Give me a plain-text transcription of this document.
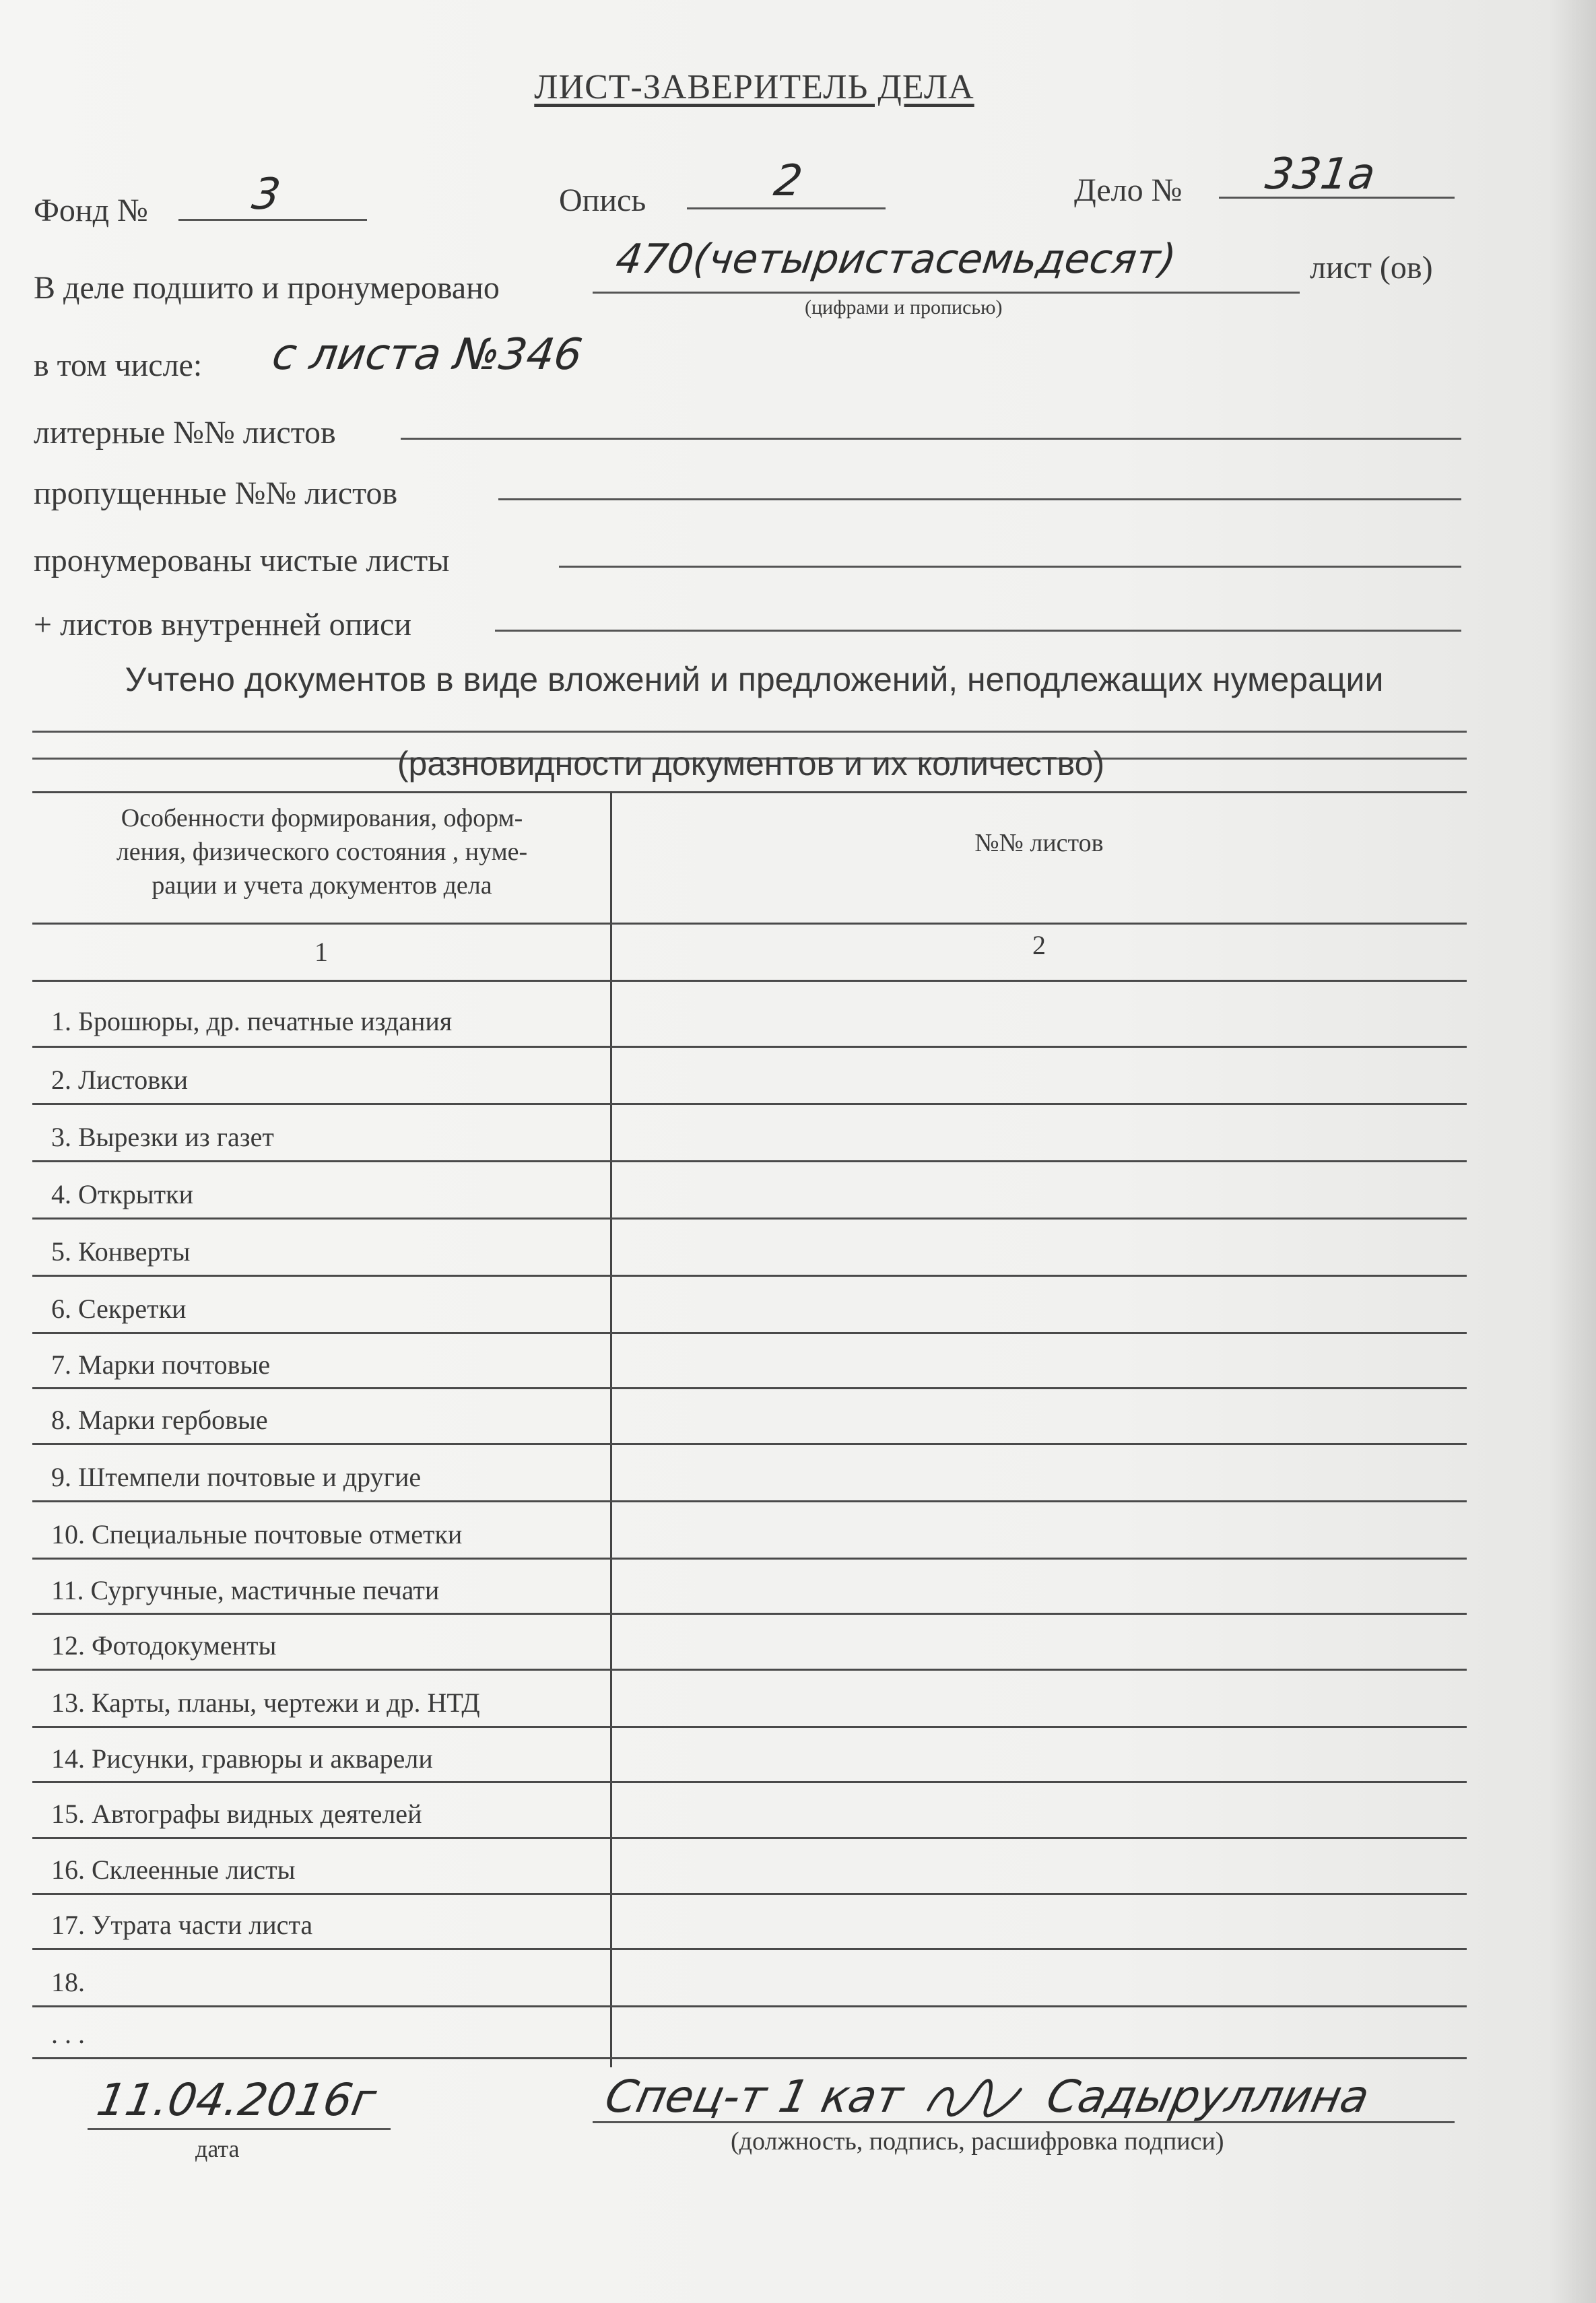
ЛИСТ-ЗАВЕРИТЕЛЬ ДЕЛА
Фонд № 3	Опись	2	Дело № 331а
В деле подшито и пронумеровано
470(четыристасемьдесят)
(цифрами и прописью)
лист (ов)
в том числе: с листа №346
литерные №№ листов
пропущенные №№ листов
пронумерованы чистые листы
+ листов внутренней описи
Учтено документов в виде вложений и предложений, неподлежащих нумерации
(разновидности документов и их количество)
Особенности формирования, оформ-
ления, физического состояния , нуме-
рации и учета документов дела
№№ листов
1	2
1. Брошюры, др. печатные издания
2. Листовки
3. Вырезки из газет
4. Открытки
5. Конверты
6. Секретки
7. Марки почтовые
8. Марки гербовые
9. Штемпели почтовые и другие
10. Специальные почтовые отметки
11. Сургучные, мастичные печати
12. Фотодокументы
13. Карты, планы, чертежи и др. НТД
14. Рисунки, гравюры и акварели
15. Автографы видных деятелей
16. Склеенные листы
17. Утрата части листа
18.
. . .
11.04.2016г
дата
Спец-т 1 кат	Садыруллина
(должность, подпись, расшифровка подписи)
